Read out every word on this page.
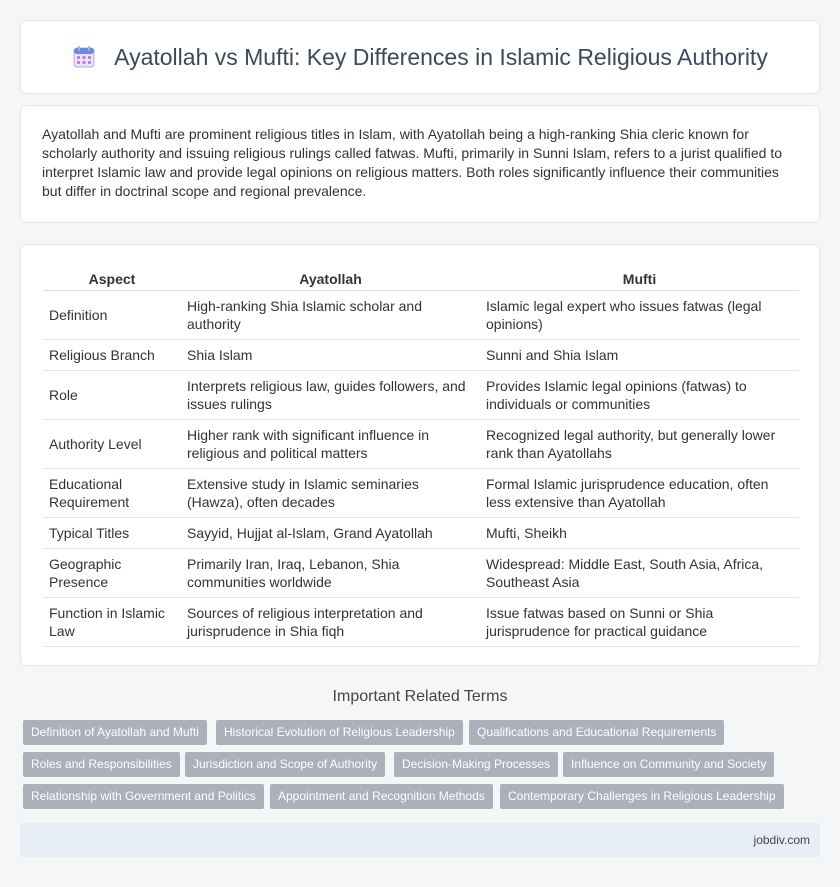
Ayatollah vs Mufti: Key Differences in Islamic Religious Authority

Ayatollah and Mufti are prominent religious titles in Islam, with Ayatollah being a high-ranking Shia cleric known for scholarly authority and issuing religious rulings called fatwas. Mufti, primarily in Sunni Islam, refers to a jurist qualified to interpret Islamic law and provide legal opinions on religious matters. Both roles significantly influence their communities but differ in doctrinal scope and regional prevalence.

Aspect	Ayatollah	Mufti
Definition	High-ranking Shia Islamic scholar and authority	Islamic legal expert who issues fatwas (legal opinions)
Religious Branch	Shia Islam	Sunni and Shia Islam
Role	Interprets religious law, guides followers, and issues rulings	Provides Islamic legal opinions (fatwas) to individuals or communities
Authority Level	Higher rank with significant influence in religious and political matters	Recognized legal authority, but generally lower rank than Ayatollahs
Educational Requirement	Extensive study in Islamic seminaries (Hawza), often decades	Formal Islamic jurisprudence education, often less extensive than Ayatollah
Typical Titles	Sayyid, Hujjat al-Islam, Grand Ayatollah	Mufti, Sheikh
Geographic Presence	Primarily Iran, Iraq, Lebanon, Shia communities worldwide	Widespread: Middle East, South Asia, Africa, Southeast Asia
Function in Islamic Law	Sources of religious interpretation and jurisprudence in Shia fiqh	Issue fatwas based on Sunni or Shia jurisprudence for practical guidance
Important Related Terms
Definition of Ayatollah and Mufti	Historical Evolution of Religious Leadership	Qualifications and Educational Requirements
Roles and Responsibilities	Jurisdiction and Scope of Authority	Decision-Making Processes	Influence on Community and Society
Relationship with Government and Politics	Appointment and Recognition Methods	Contemporary Challenges in Religious Leadership
jobdiv.com
